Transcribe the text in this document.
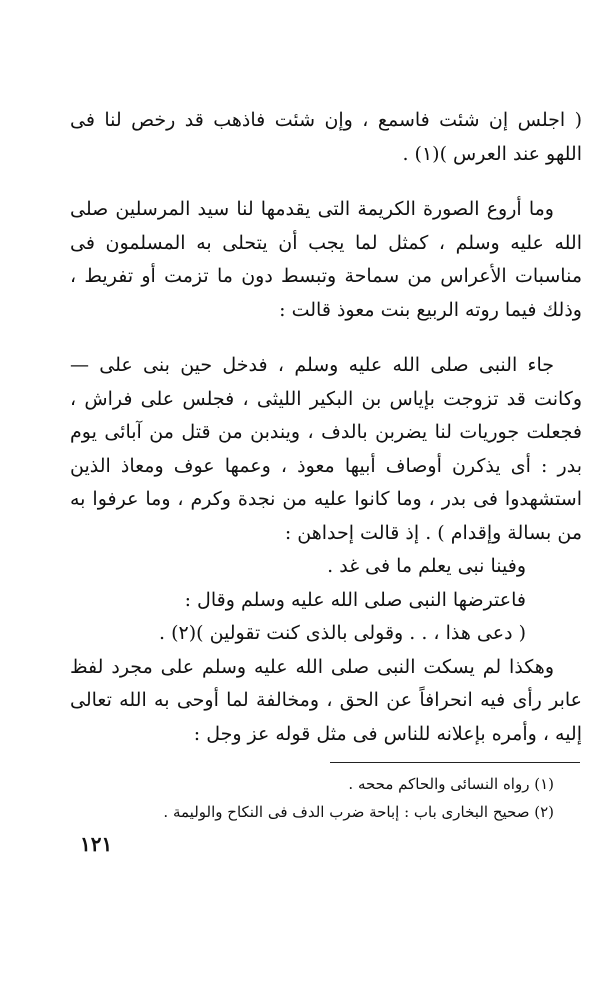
( اجلس إن شئت فاسمع ، وإن شئت فاذهب قد رخص لنا فى اللهو عند العرس )(١) .

وما أروع الصورة الكريمة التى يقدمها لنا سيد المرسلين صلى الله عليه وسلم ، كمثل لما يجب أن يتحلى به المسلمون فى مناسبات الأعراس من سماحة وتبسط دون ما تزمت أو تفريط ، وذلك فيما روته الربيع بنت معوذ قالت :

جاء النبى صلى الله عليه وسلم ، فدخل حين بنى على — وكانت قد تزوجت بإياس بن البكير الليثى ، فجلس على فراش ، فجعلت جوريات لنا يضربن بالدف ، ويندبن من قتل من آبائى يوم بدر : أى يذكرن أوصاف أبيها معوذ ، وعمها عوف ومعاذ الذين استشهدوا فى بدر ، وما كانوا عليه من نجدة وكرم ، وما عرفوا به من بسالة وإقدام ) . إذ قالت إحداهن :

وفينا نبى يعلم ما فى غد .

فاعترضها النبى صلى الله عليه وسلم وقال :

( دعى هذا ، . . وقولى بالذى كنت تقولين )(٢) .

وهكذا لم يسكت النبى صلى الله عليه وسلم على مجرد لفظ عابر رأى فيه انحرافاً عن الحق ، ومخالفة لما أوحى به الله تعالى إليه ، وأمره بإعلانه للناس فى مثل قوله عز وجل :

(١) رواه النسائى والحاكم مححه .

(٢) صحيح البخارى باب : إباحة ضرب الدف فى النكاح والوليمة .

١٢١
